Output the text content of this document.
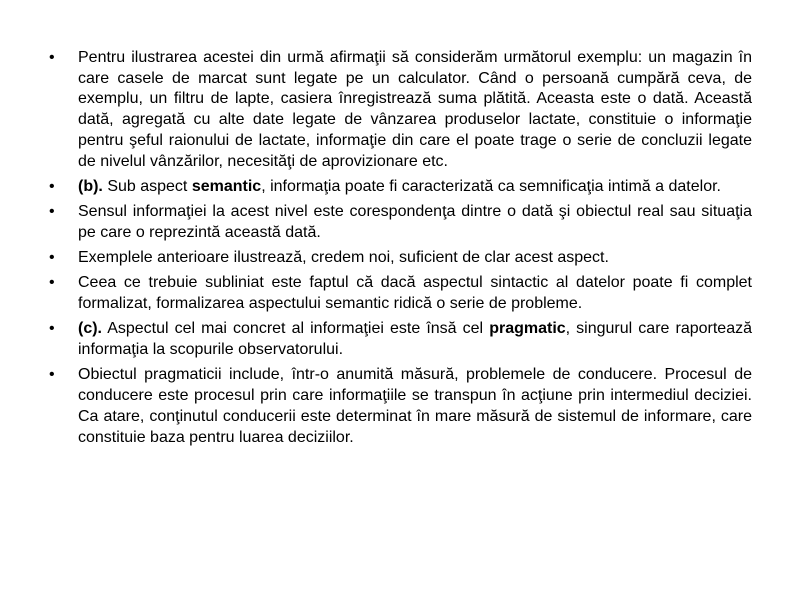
•	Pentru ilustrarea acestei din urmă afirmaţii să considerăm următorul exemplu: un magazin în care casele de marcat sunt legate pe un calculator. Când o persoană cumpără ceva, de exemplu, un filtru de lapte, casiera înregistrează suma plătită. Aceasta este o dată. Această dată, agregată cu alte date legate de vânzarea produselor lactate, constituie o informaţie pentru şeful raionului de lactate, informaţie din care el poate trage o serie de concluzii legate de nivelul vânzărilor, necesităţi de aprovizionare etc.
•	(b). Sub aspect semantic, informaţia poate fi caracterizată ca semnificaţia intimă a datelor.
•	Sensul informaţiei la acest nivel este corespondenţa dintre o dată şi obiectul real sau situaţia pe care o reprezintă această dată.
•	Exemplele anterioare ilustrează, credem noi, suficient de clar acest aspect.
•	Ceea ce trebuie subliniat este faptul că dacă aspectul sintactic al datelor poate fi complet formalizat, formalizarea aspectului semantic ridică o serie de probleme.
•	(c). Aspectul cel mai concret al informaţiei este însă cel pragmatic, singurul care raportează informaţia la scopurile observatorului.
•	Obiectul pragmaticii include, într-o anumită măsură, problemele de conducere. Procesul de conducere este procesul prin care informaţiile se transpun în acţiune prin intermediul deciziei. Ca atare, conţinutul conducerii este determinat în mare măsură de sistemul de informare, care constituie baza pentru luarea deciziilor.
